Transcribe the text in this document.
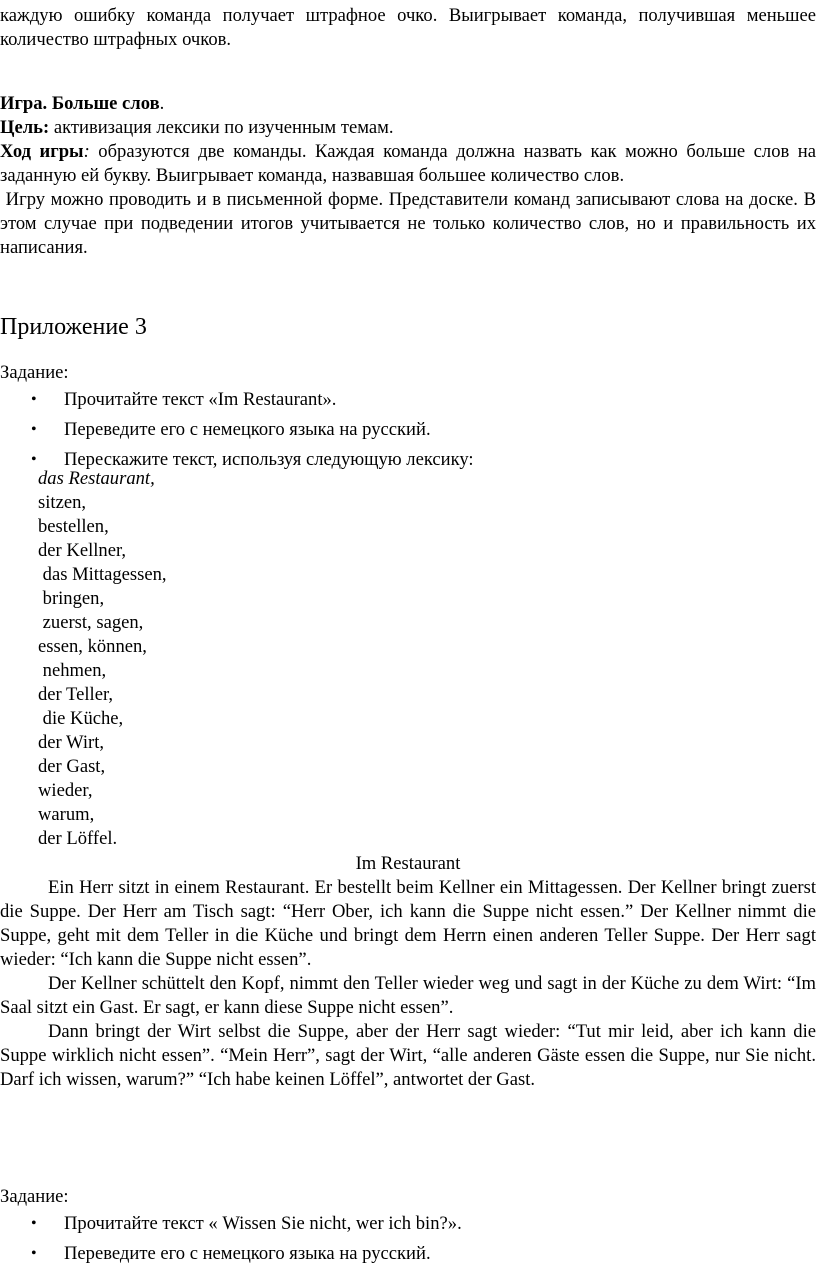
каждую ошибку команда получает штрафное очко. Выигрывает команда, получившая меньшее количество штрафных очков.

Игра. Больше слов.

Цель: активизация лексики по изученным темам.

Ход игры: образуются две команды. Каждая команда должна назвать как можно больше слов на заданную ей букву. Выигрывает команда, назвавшая большее количество слов.

Игру можно проводить и в письменной форме. Представители команд записывают слова на доске. В этом случае при подведении итогов учитывается не только количество слов, но и правильность их написания.

Приложение 3

Задание:

• Прочитайте текст «Im Restaurant».
• Переведите его с немецкого языка на русский.
• Перескажите текст, используя следующую лексику:
das Restaurant,
sitzen,
bestellen,
der Kellner,
das Mittagessen,
bringen,
zuerst, sagen,
essen, können,
nehmen,
der Teller,
die Küche,
der Wirt,
der Gast,
wieder,
warum,
der Löffel.

Im Restaurant

Ein Herr sitzt in einem Restaurant. Er bestellt beim Kellner ein Mittagessen. Der Kellner bringt zuerst die Suppe. Der Herr am Tisch sagt: “Herr Ober, ich kann die Suppe nicht essen.” Der Kellner nimmt die Suppe, geht mit dem Teller in die Küche und bringt dem Herrn einen anderen Teller Suppe. Der Herr sagt wieder: “Ich kann die Suppe nicht essen”.

Der Kellner schüttelt den Kopf, nimmt den Teller wieder weg und sagt in der Küche zu dem Wirt: “Im Saal sitzt ein Gast. Er sagt, er kann diese Suppe nicht essen”.

Dann bringt der Wirt selbst die Suppe, aber der Herr sagt wieder: “Tut mir leid, aber ich kann die Suppe wirklich nicht essen”. “Mein Herr”, sagt der Wirt, “alle anderen Gäste essen die Suppe, nur Sie nicht. Darf ich wissen, warum?” “Ich habe keinen Löffel”, antwortet der Gast.

Задание:

• Прочитайте текст « Wissen Sie nicht, wer ich bin?».
• Переведите его с немецкого языка на русский.
